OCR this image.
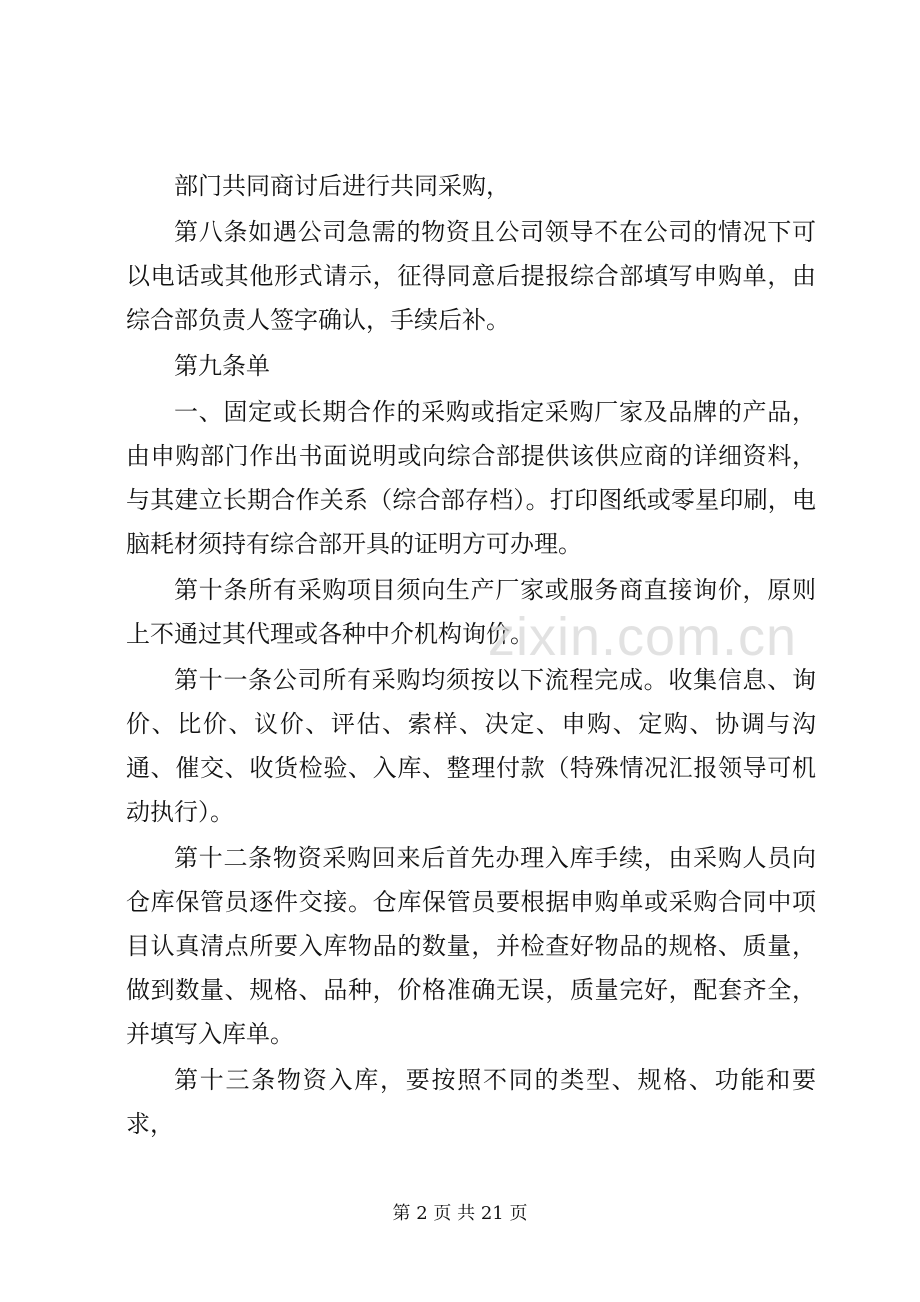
部门共同商讨后进行共同采购，

第八条如遇公司急需的物资且公司领导不在公司的情况下可以电话或其他形式请示，征得同意后提报综合部填写申购单，由综合部负责人签字确认，手续后补。

第九条单

一、固定或长期合作的采购或指定采购厂家及品牌的产品，由申购部门作出书面说明或向综合部提供该供应商的详细资料，与其建立长期合作关系（综合部存档）。打印图纸或零星印刷，电脑耗材须持有综合部开具的证明方可办理。

第十条所有采购项目须向生产厂家或服务商直接询价，原则上不通过其代理或各种中介机构询价。

第十一条公司所有采购均须按以下流程完成。收集信息、询价、比价、议价、评估、索样、决定、申购、定购、协调与沟通、催交、收货检验、入库、整理付款（特殊情况汇报领导可机动执行）。

第十二条物资采购回来后首先办理入库手续，由采购人员向仓库保管员逐件交接。仓库保管员要根据申购单或采购合同中项目认真清点所要入库物品的数量，并检查好物品的规格、质量，做到数量、规格、品种，价格准确无误，质量完好，配套齐全，并填写入库单。

第十三条物资入库，要按照不同的类型、规格、功能和要求，

zixin.com.cn
第 2 页 共 21 页
